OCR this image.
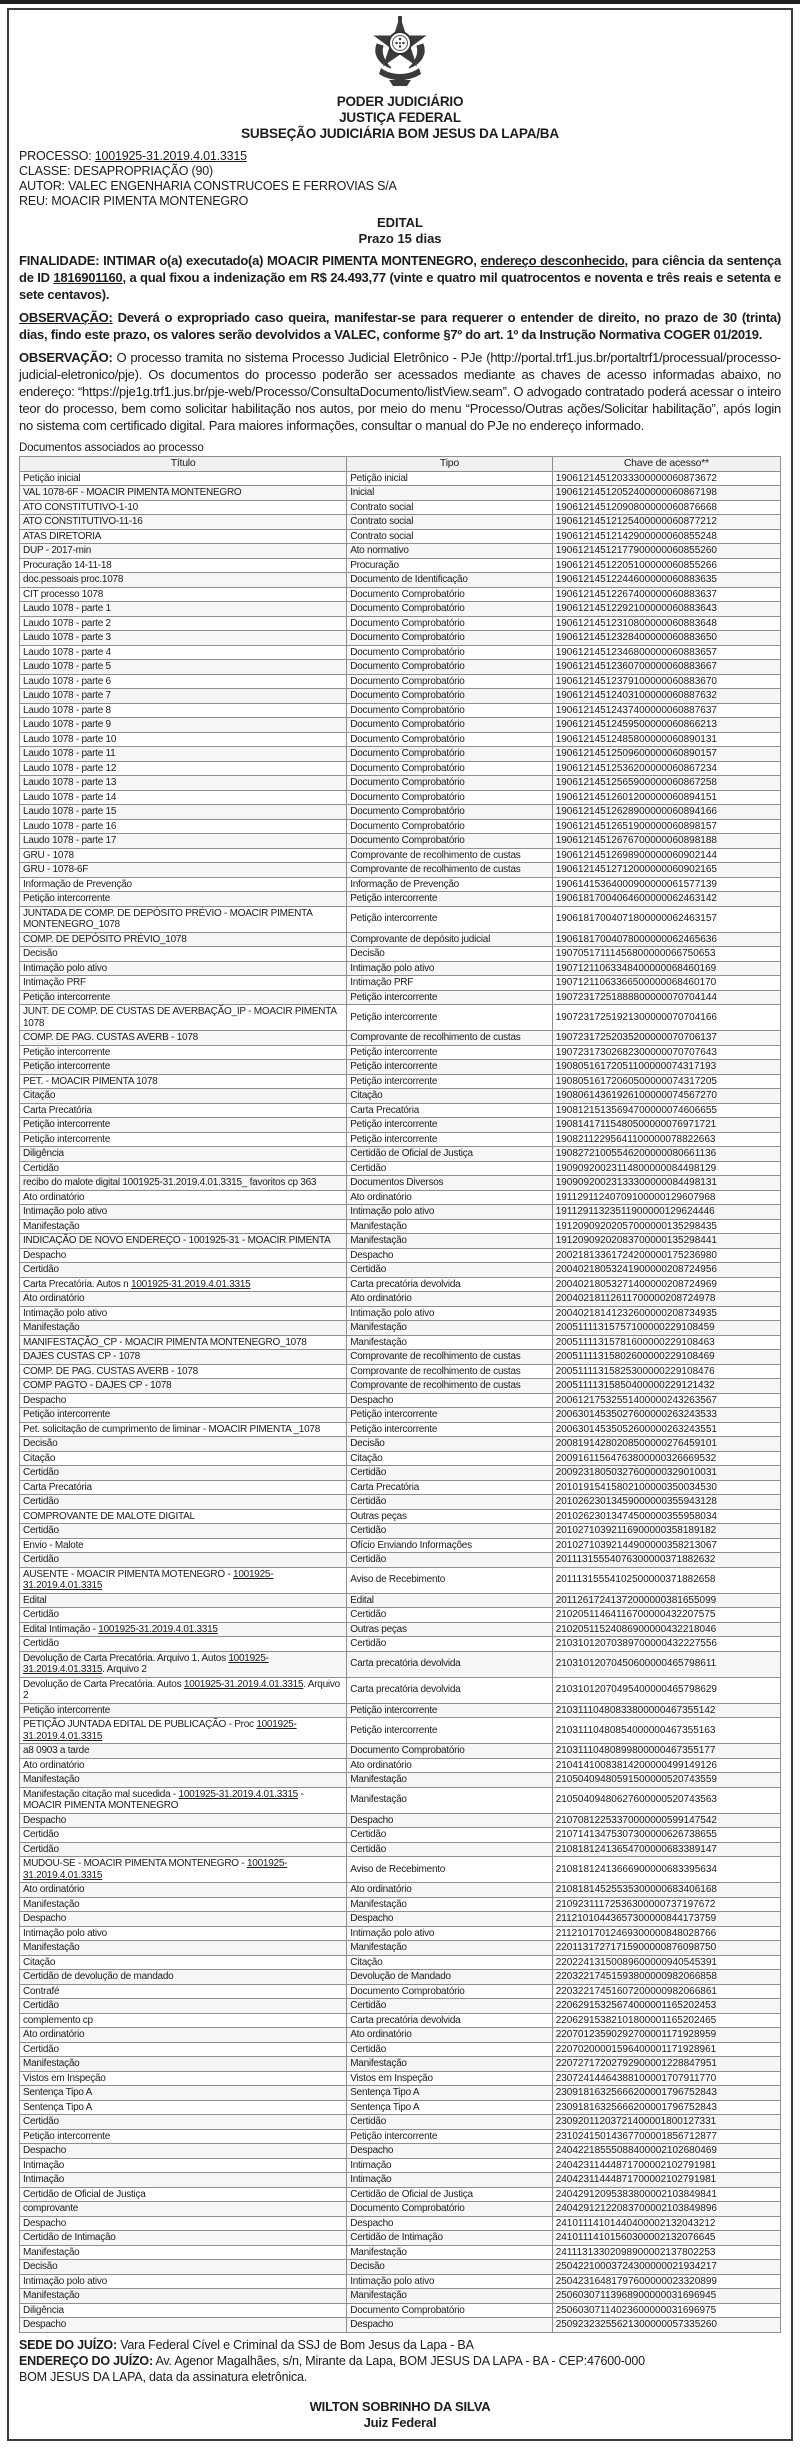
PODER JUDICIÁRIO
JUSTIÇA FEDERAL
SUBSEÇÃO JUDICIÁRIA BOM JESUS DA LAPA/BA
PROCESSO: 1001925-31.2019.4.01.3315
CLASSE: DESAPROPRIAÇÃO (90)
AUTOR: VALEC ENGENHARIA CONSTRUCOES E FERROVIAS S/A
REU: MOACIR PIMENTA MONTENEGRO
EDITAL
Prazo 15 dias

FINALIDADE: INTIMAR o(a) executado(a) MOACIR PIMENTA MONTENEGRO, endereço desconhecido, para ciência da sentença de ID 1816901160, a qual fixou a indenização em R$ 24.493,77 (vinte e quatro mil quatrocentos e noventa e três reais e setenta e sete centavos).

OBSERVAÇÃO: Deverá o expropriado caso queira, manifestar-se para requerer o entender de direito, no prazo de 30 (trinta) dias, findo este prazo, os valores serão devolvidos a VALEC, conforme §7º do art. 1º da Instrução Normativa COGER 01/2019.

OBSERVAÇÃO: O processo tramita no sistema Processo Judicial Eletrônico - PJe (http://portal.trf1.jus.br/portaltrf1/processual/processo-judicial-eletronico/pje). Os documentos do processo poderão ser acessados mediante as chaves de acesso informadas abaixo, no endereço: “https://pje1g.trf1.jus.br/pje-web/Processo/ConsultaDocumento/listView.seam”. O advogado contratado poderá acessar o inteiro teor do processo, bem como solicitar habilitação nos autos, por meio do menu “Processo/Outras ações/Solicitar habilitação”, após login no sistema com certificado digital. Para maiores informações, consultar o manual do PJe no endereço informado.

Documentos associados ao processo
Título	Tipo	Chave de acesso**
Petição inicial	Petição inicial	19061214512033300000060873672
VAL 1078-6F - MOACIR PIMENTA MONTENEGRO	Inicial	19061214512052400000060867198
ATO CONSTITUTIVO-1-10	Contrato social	19061214512090800000060876668
ATO CONSTITUTIVO-11-16	Contrato social	19061214512125400000060877212
ATAS DIRETORIA	Contrato social	19061214512142900000060855248
DUP - 2017-min	Ato normativo	19061214512177900000060855260
Procuração 14-11-18	Procuração	19061214512205100000060855266
doc.pessoais proc.1078	Documento de Identificação	19061214512244600000060883635
CIT processo 1078	Documento Comprobatório	19061214512267400000060883637
Laudo 1078 - parte 1	Documento Comprobatório	19061214512292100000060883643
Laudo 1078 - parte 2	Documento Comprobatório	19061214512310800000060883648
Laudo 1078 - parte 3	Documento Comprobatório	19061214512328400000060883650
Laudo 1078 - parte 4	Documento Comprobatório	19061214512346800000060883657
Laudo 1078 - parte 5	Documento Comprobatório	19061214512360700000060883667
Laudo 1078 - parte 6	Documento Comprobatório	19061214512379100000060883670
Laudo 1078 - parte 7	Documento Comprobatório	19061214512403100000060887632
Laudo 1078 - parte 8	Documento Comprobatório	19061214512437400000060887637
Laudo 1078 - parte 9	Documento Comprobatório	19061214512459500000060866213
Laudo 1078 - parte 10	Documento Comprobatório	19061214512485800000060890131
Laudo 1078 - parte 11	Documento Comprobatório	19061214512509600000060890157
Laudo 1078 - parte 12	Documento Comprobatório	19061214512536200000060867234
Laudo 1078 - parte 13	Documento Comprobatório	19061214512565900000060867258
Laudo 1078 - parte 14	Documento Comprobatório	19061214512601200000060894151
Laudo 1078 - parte 15	Documento Comprobatório	19061214512628900000060894166
Laudo 1078 - parte 16	Documento Comprobatório	19061214512651900000060898157
Laudo 1078 - parte 17	Documento Comprobatório	19061214512676700000060898188
GRU - 1078	Comprovante de recolhimento de custas	19061214512698900000060902144
GRU - 1078-6F	Comprovante de recolhimento de custas	19061214512712000000060902165
Informação de Prevenção	Informação de Prevenção	19061415364000900000061577139
Petição intercorrente	Petição intercorrente	19061817004064600000062463142
JUNTADA DE COMP. DE DEPÓSITO PRÉVIO - MOACIR PIMENTA MONTENEGRO_1078	Petição intercorrente	19061817004071800000062463157
COMP. DE DEPÓSITO PRÉVIO_1078	Comprovante de depósito judicial	19061817004078000000062465636
Decisão	Decisão	19070517111456800000066750653
Intimação polo ativo	Intimação polo ativo	19071211063348400000068460169
Intimação PRF	Intimação PRF	19071211063366500000068460170
Petição intercorrente	Petição intercorrente	19072317251888800000070704144
JUNT. DE COMP. DE CUSTAS DE AVERBAÇÃO_IP - MOACIR PIMENTA 1078	Petição intercorrente	19072317251921300000070704166
COMP. DE PAG. CUSTAS AVERB - 1078	Comprovante de recolhimento de custas	19072317252035200000070706137
Petição intercorrente	Petição intercorrente	19072317302682300000070707643
Petição intercorrente	Petição intercorrente	19080516172051100000074317193
PET. - MOACIR PIMENTA 1078	Petição intercorrente	19080516172060500000074317205
Citação	Citação	19080614361926100000074567270
Carta Precatória	Carta Precatória	19081215135694700000074606655
Petição intercorrente	Petição intercorrente	19081417115480500000076971721
Petição intercorrente	Petição intercorrente	19082112295641100000078822663
Diligência	Certidão de Oficial de Justiça	19082721005546200000080661136
Certidão	Certidão	19090920023114800000084498129
recibo do malote digital 1001925-31.2019.4.01.3315_ favoritos cp 363	Documentos Diversos	19090920023133300000084498131
Ato ordinatório	Ato ordinatório	19112911240709100000129607968
Intimação polo ativo	Intimação polo ativo	19112911323511900000129624446
Manifestação	Manifestação	19120909202057000000135298435
INDICAÇÃO DE NOVO ENDEREÇO - 1001925-31 - MOACIR PIMENTA	Manifestação	19120909202083700000135298441
Despacho	Despacho	20021813361724200000175236980
Certidão	Certidão	20040218053241900000208724956
Carta Precatória. Autos n 1001925-31.2019.4.01.3315	Carta precatória devolvida	20040218053271400000208724969
Ato ordinatório	Ato ordinatório	20040218112611700000208724978
Intimação polo ativo	Intimação polo ativo	20040218141232600000208734935
Manifestação	Manifestação	20051111315757100000229108459
MANIFESTAÇÃO_CP - MOACIR PIMENTA MONTENEGRO_1078	Manifestação	20051111315781600000229108463
DAJES CUSTAS CP - 1078	Comprovante de recolhimento de custas	20051111315802600000229108469
COMP. DE PAG. CUSTAS AVERB - 1078	Comprovante de recolhimento de custas	20051111315825300000229108476
COMP PAGTO - DAJES CP - 1078	Comprovante de recolhimento de custas	20051111315850400000229121432
Despacho	Despacho	20061217532551400000243263567
Petição intercorrente	Petição intercorrente	20063014535027600000263243533
Pet. solicitação de cumprimento de liminar - MOACIR PIMENTA _1078	Petição intercorrente	20063014535052600000263243551
Decisão	Decisão	20081914280208500000276459101
Citação	Citação	20091611564763800000326669532
Certidão	Certidão	20092318050327600000329010031
Carta Precatória	Carta Precatória	20101915415802100000350034530
Certidão	Certidão	20102623013459000000355943128
COMPROVANTE DE MALOTE DIGITAL	Outras peças	20102623013474500000355958034
Certidão	Certidão	20102710392116900000358189182
Envio - Malote	Ofício Enviando Informações	20102710392144900000358213067
Certidão	Certidão	20111315554076300000371882632
AUSENTE - MOACIR PIMENTA MOTENEGRO - 1001925-31.2019.4.01.3315	Aviso de Recebimento	20111315554102500000371882658
Edital	Edital	20112617241372000000381655099
Certidão	Certidão	21020511464116700000432207575
Edital Intimação - 1001925-31.2019.4.01.3315	Outras peças	21020511524086900000432218046
Certidão	Certidão	21031012070389700000432227556
Devolução de Carta Precatória. Arquivo 1. Autos 1001925-31.2019.4.01.3315. Arquivo 2	Carta precatória devolvida	21031012070450600000465798611
Devolução de Carta Precatória. Autos 1001925-31.2019.4.01.3315. Arquivo 2	Carta precatória devolvida	21031012070495400000465798629
Petição intercorrente	Petição intercorrente	21031110480833800000467355142
PETIÇÃO JUNTADA EDITAL DE PUBLICAÇÃO - Proc 1001925-31.2019.4.01.3315	Petição intercorrente	21031110480854000000467355163
a8 0903 a tarde	Documento Comprobatório	21031110480899800000467355177
Ato ordinatório	Ato ordinatório	21041410083814200000499149126
Manifestação	Manifestação	21050409480591500000520743559
Manifestação citação mal sucedida - 1001925-31.2019.4.01.3315 - MOACIR PIMENTA MONTENEGRO	Manifestação	21050409480627600000520743563
Despacho	Despacho	21070812253370000000599147542
Certidão	Certidão	21071413475307300000626738655
Certidão	Certidão	21081812413654700000683389147
MUDOU-SE - MOACIR PIMENTA MONTENEGRO - 1001925-31.2019.4.01.3315	Aviso de Recebimento	21081812413666900000683395634
Ato ordinatório	Ato ordinatório	21081814525535300000683406168
Manifestação	Manifestação	21092311172536300000737197672
Despacho	Despacho	21121010443657300000844173759
Intimação polo ativo	Intimação polo ativo	21121017012469300000848028766
Manifestação	Manifestação	22011317271715900000876098750
Citação	Citação	22022413150089600000940545391
Certidão de devolução de mandado	Devolução de Mandado	22032217451593800000982066858
Contrafé	Documento Comprobatório	22032217451607200000982066861
Certidão	Certidão	22062915325674000001165202453
complemento cp	Carta precatória devolvida	22062915382101800001165202465
Ato ordinatório	Ato ordinatório	22070123590292700001171928959
Certidão	Certidão	22070200001596400001171928961
Manifestação	Manifestação	22072717202792900001228847951
Vistos em Inspeção	Vistos em Inspeção	23072414464388100001707911770
Sentença Tipo A	Sentença Tipo A	23091816325666200001796752843
Sentença Tipo A	Sentença Tipo A	23091816325666200001796752843
Certidão	Certidão	23092011203721400001800127331
Petição intercorrente	Petição intercorrente	23102415014367700001856712877
Despacho	Despacho	24042218555088400002102680469
Intimação	Intimação	24042311444871700002102791981
Intimação	Intimação	24042311444871700002102791981
Certidão de Oficial de Justiça	Certidão de Oficial de Justiça	24042912095383800002103849841
comprovante	Documento Comprobatório	24042912122083700002103849896
Despacho	Despacho	24101114101440400002132043212
Certidão de Intimação	Certidão de Intimação	24101114101560300002132076645
Manifestação	Manifestação	24111313302098900002137802253
Decisão	Decisão	25042210003724300000021934217
Intimação polo ativo	Intimação polo ativo	25042316481797600000023320899
Manifestação	Manifestação	25060307113968900000031696945
Diligência	Documento Comprobatório	25060307114023600000031696975
Despacho	Despacho	25092323255621300000057335260
SEDE DO JUÍZO: Vara Federal Cível e Criminal da SSJ de Bom Jesus da Lapa - BA
ENDEREÇO DO JUÍZO: Av. Agenor Magalhães, s/n, Mirante da Lapa, BOM JESUS DA LAPA - BA - CEP:47600-000
BOM JESUS DA LAPA, data da assinatura eletrônica.
WILTON SOBRINHO DA SILVA
Juiz Federal
